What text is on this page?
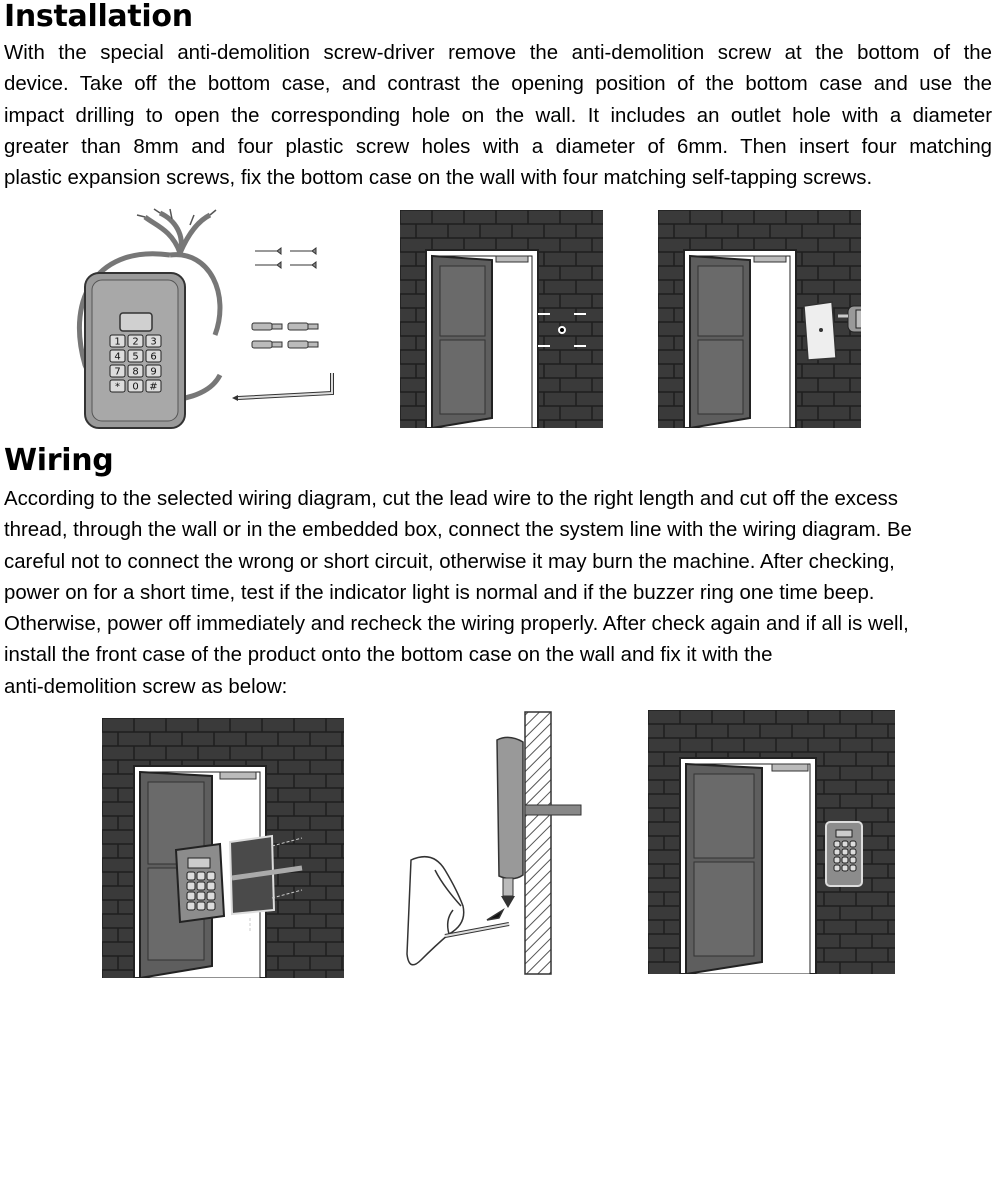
Installation
With the special anti-demolition screw-driver remove the anti-demolition screw at the bottom of the
device. Take off the bottom case, and contrast the opening position of the bottom case and use the
impact drilling to open the corresponding hole on the wall. It includes an outlet hole with a diameter
greater than 8mm and four plastic screw holes with a diameter of 6mm. Then insert four matching
plastic expansion screws, fix the bottom case on the wall with four matching self-tapping screws.
1 2 3
4 5 6
7 8 9
* 0 #
Wiring
According to the selected wiring diagram, cut the lead wire to the right length and cut off the excess
thread, through the wall or in the embedded box, connect the system line with the wiring diagram. Be
careful not to connect the wrong or short circuit, otherwise it may burn the machine. After checking,
power on for a short time, test if the indicator light is normal and if the buzzer ring one time beep.
Otherwise, power off immediately and recheck the wiring properly. After check again and if all is well,
install the front case of the product onto the bottom case on the wall and fix it with the
anti-demolition screw as below:
